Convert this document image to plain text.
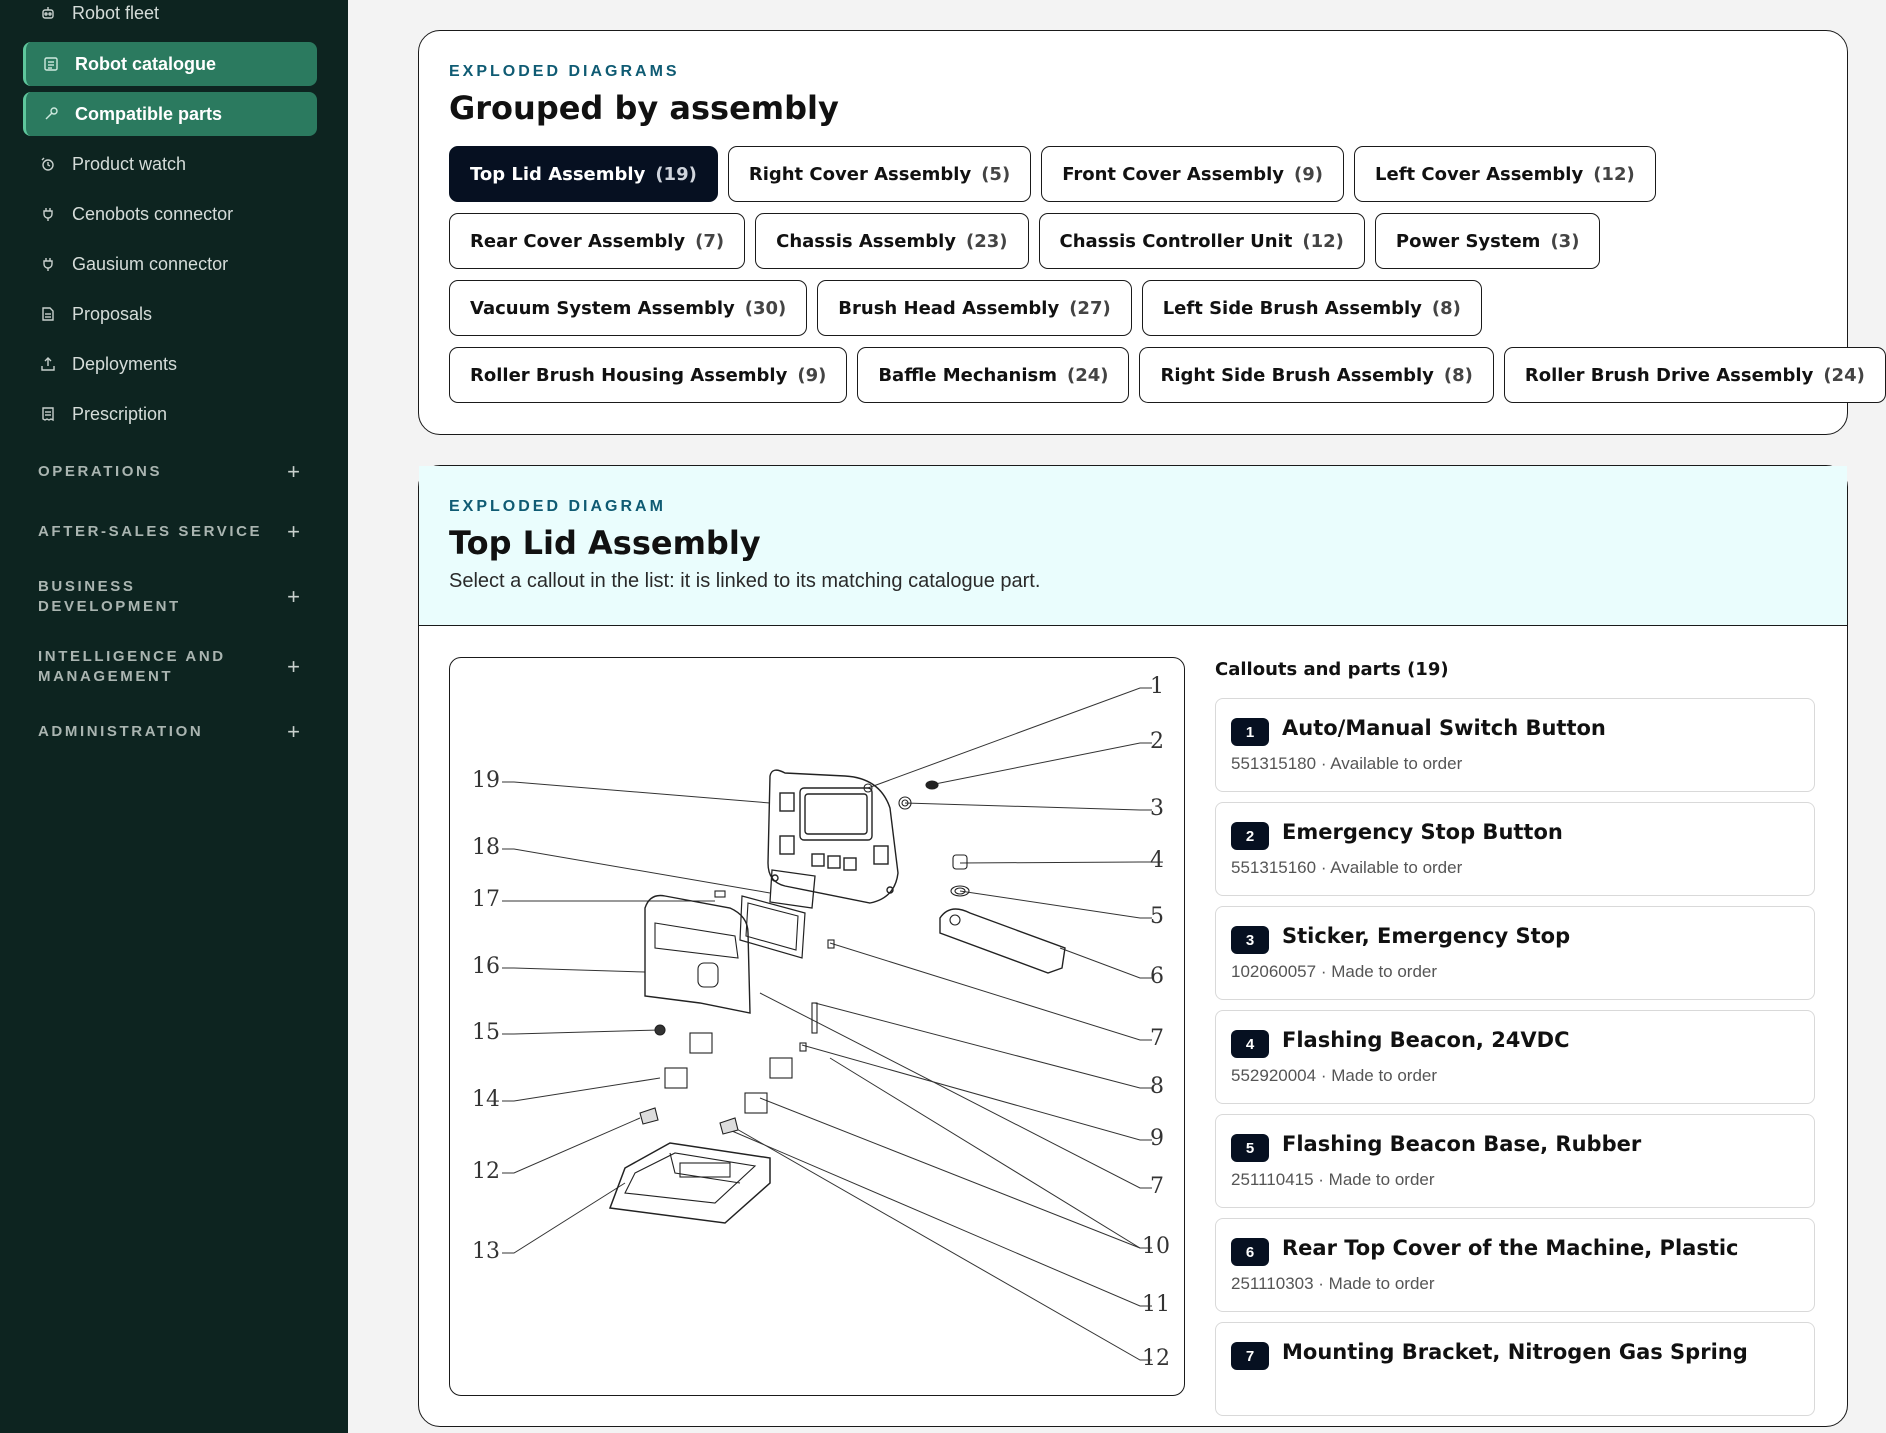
Robot fleet
Robot catalogue
Compatible parts
Product watch
Cenobots connector
Gausium connector
Proposals
Deployments
Prescription
OPERATIONS	+
AFTER-SALES SERVICE +
BUSINESS DEVELOPMENT	+
INTELLIGENCE AND MANAGEMENT	+
ADMINISTRATION	+
EXPLODED DIAGRAMS
Grouped by assembly
Top Lid Assembly (19)	Right Cover Assembly (5)	Front Cover Assembly (9)	Left Cover Assembly (12)
Rear Cover Assembly (7)	Chassis Assembly (23)	Chassis Controller Unit (12)	Power System (3)
Vacuum System Assembly (30)	Brush Head Assembly (27)	Left Side Brush Assembly (8)
Roller Brush Housing Assembly (9)	Baffle Mechanism (24)	Right Side Brush Assembly (8)	Roller Brush Drive Assembly (24)
EXPLODED DIAGRAM
Top Lid Assembly

Select a callout in the list: it is linked to its matching catalogue part.

1
2
3
4
5
6
7
8
9
7
10
11
12
19
18
17
16
15
14
12
13
Callouts and parts (19)
1	Auto/Manual Switch Button
551315180 · Available to order
2	Emergency Stop Button
551315160 · Available to order
3	Sticker, Emergency Stop
102060057 · Made to order
4	Flashing Beacon, 24VDC
552920004 · Made to order
5	Flashing Beacon Base, Rubber
251110415 · Made to order
6	Rear Top Cover of the Machine, Plastic
251110303 · Made to order
7	Mounting Bracket, Nitrogen Gas Spring
